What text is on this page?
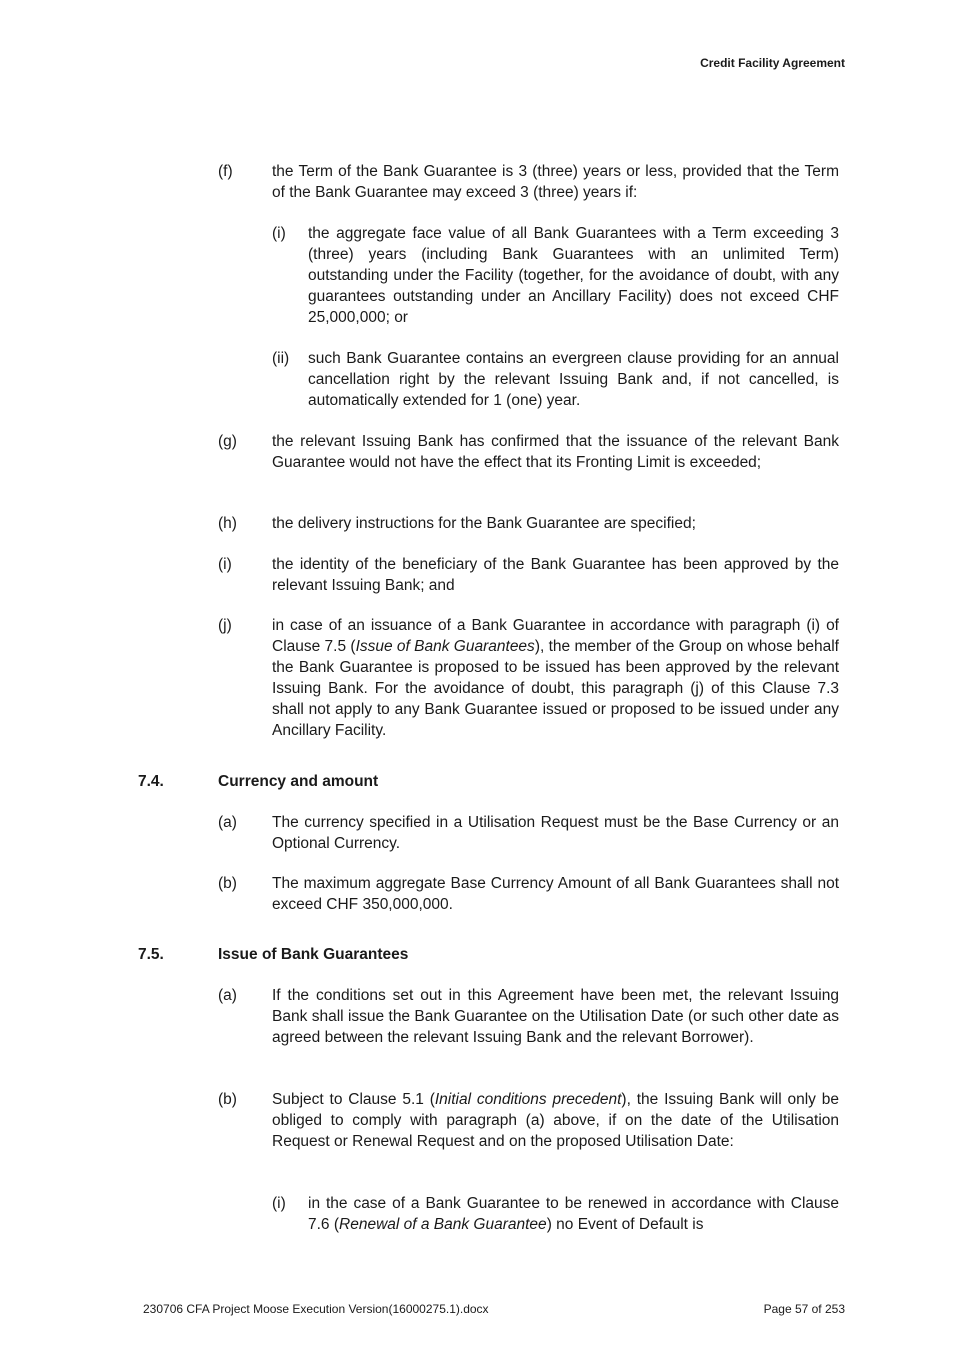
Credit Facility Agreement
(f)	the Term of the Bank Guarantee is 3 (three) years or less, provided that the Term of the Bank Guarantee may exceed 3 (three) years if:
(i) the aggregate face value of all Bank Guarantees with a Term exceeding 3 (three) years (including Bank Guarantees with an unlimited Term) outstanding under the Facility (together, for the avoidance of doubt, with any guarantees outstanding under an Ancillary Facility) does not exceed CHF 25,000,000; or
(ii) such Bank Guarantee contains an evergreen clause providing for an annual cancellation right by the relevant Issuing Bank and, if not cancelled, is automatically extended for 1 (one) year.
(g) the relevant Issuing Bank has confirmed that the issuance of the relevant Bank Guarantee would not have the effect that its Fronting Limit is exceeded;
(h) the delivery instructions for the Bank Guarantee are specified;
(i)	the identity of the beneficiary of the Bank Guarantee has been approved by the relevant Issuing Bank; and
(j)	in case of an issuance of a Bank Guarantee in accordance with paragraph (i) of Clause 7.5 (Issue of Bank Guarantees), the member of the Group on whose behalf the Bank Guarantee is proposed to be issued has been approved by the relevant Issuing Bank. For the avoidance of doubt, this paragraph (j) of this Clause 7.3 shall not apply to any Bank Guarantee issued or proposed to be issued under any Ancillary Facility.
7.4.	Currency and amount
(a) The currency specified in a Utilisation Request must be the Base Currency or an Optional Currency.
(b) The maximum aggregate Base Currency Amount of all Bank Guarantees shall not exceed CHF 350,000,000.
7.5.	Issue of Bank Guarantees
(a) If the conditions set out in this Agreement have been met, the relevant Issuing Bank shall issue the Bank Guarantee on the Utilisation Date (or such other date as agreed between the relevant Issuing Bank and the relevant Borrower).
(b) Subject to Clause 5.1 (Initial conditions precedent), the Issuing Bank will only be obliged to comply with paragraph (a) above, if on the date of the Utilisation Request or Renewal Request and on the proposed Utilisation Date:
(i) in the case of a Bank Guarantee to be renewed in accordance with Clause 7.6 (Renewal of a Bank Guarantee) no Event of Default is
230706 CFA Project Moose Execution Version(16000275.1).docx	Page 57 of 253
